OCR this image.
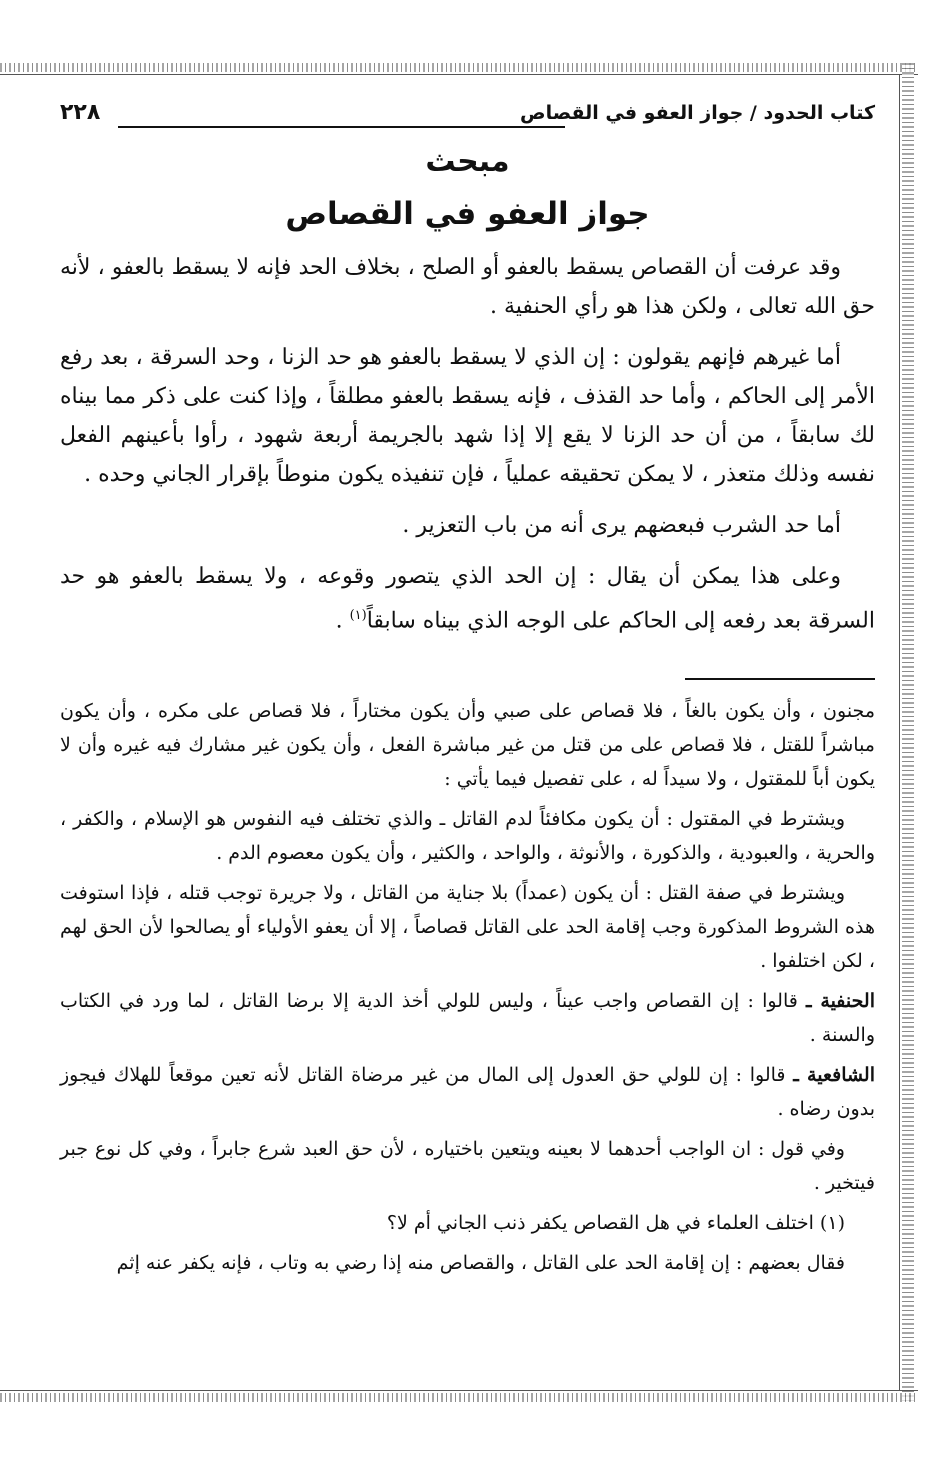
كتاب الحدود / جواز العفو في القصاص
٢٢٨
مبحث
جواز العفو في القصاص

وقد عرفت أن القصاص يسقط بالعفو أو الصلح ، بخلاف الحد فإنه لا يسقط بالعفو ، لأنه حق الله تعالى ، ولكن هذا هو رأي الحنفية .

أما غيرهم فإنهم يقولون : إن الذي لا يسقط بالعفو هو حد الزنا ، وحد السرقة ، بعد رفع الأمر إلى الحاكم ، وأما حد القذف ، فإنه يسقط بالعفو مطلقاً ، وإذا كنت على ذكر مما بيناه لك سابقاً ، من أن حد الزنا لا يقع إلا إذا شهد بالجريمة أربعة شهود ، رأوا بأعينهم الفعل نفسه وذلك متعذر ، لا يمكن تحقيقه عملياً ، فإن تنفيذه يكون منوطاً بإقرار الجاني وحده .

أما حد الشرب فبعضهم يرى أنه من باب التعزير .

وعلى هذا يمكن أن يقال : إن الحد الذي يتصور وقوعه ، ولا يسقط بالعفو هو حد السرقة بعد رفعه إلى الحاكم على الوجه الذي بيناه سابقاً$^{(١)}$ .

مجنون ، وأن يكون بالغاً ، فلا قصاص على صبي وأن يكون مختاراً ، فلا قصاص على مكره ، وأن يكون مباشراً للقتل ، فلا قصاص على من قتل من غير مباشرة الفعل ، وأن يكون غير مشارك فيه غيره وأن لا يكون أباً للمقتول ، ولا سيداً له ، على تفصيل فيما يأتي :

ويشترط في المقتول : أن يكون مكافئاً لدم القاتل ـ والذي تختلف فيه النفوس هو الإسلام ، والكفر ، والحرية ، والعبودية ، والذكورة ، والأنوثة ، والواحد ، والكثير ، وأن يكون معصوم الدم .

ويشترط في صفة القتل : أن يكون (عمداً) بلا جناية من القاتل ، ولا جريرة توجب قتله ، فإذا استوفت هذه الشروط المذكورة وجب إقامة الحد على القاتل قصاصاً ، إلا أن يعفو الأولياء أو يصالحوا لأن الحق لهم ، لكن اختلفوا .

الحنفية ـ قالوا : إن القصاص واجب عيناً ، وليس للولي أخذ الدية إلا برضا القاتل ، لما ورد في الكتاب والسنة .

الشافعية ـ قالوا : إن للولي حق العدول إلى المال من غير مرضاة القاتل لأنه تعين موقعاً للهلاك فيجوز بدون رضاه .

وفي قول : ان الواجب أحدهما لا بعينه ويتعين باختياره ، لأن حق العبد شرع جابراً ، وفي كل نوع جبر فيتخير .

(١) اختلف العلماء في هل القصاص يكفر ذنب الجاني أم لا؟

فقال بعضهم : إن إقامة الحد على القاتل ، والقصاص منه إذا رضي به وتاب ، فإنه يكفر عنه إثم
